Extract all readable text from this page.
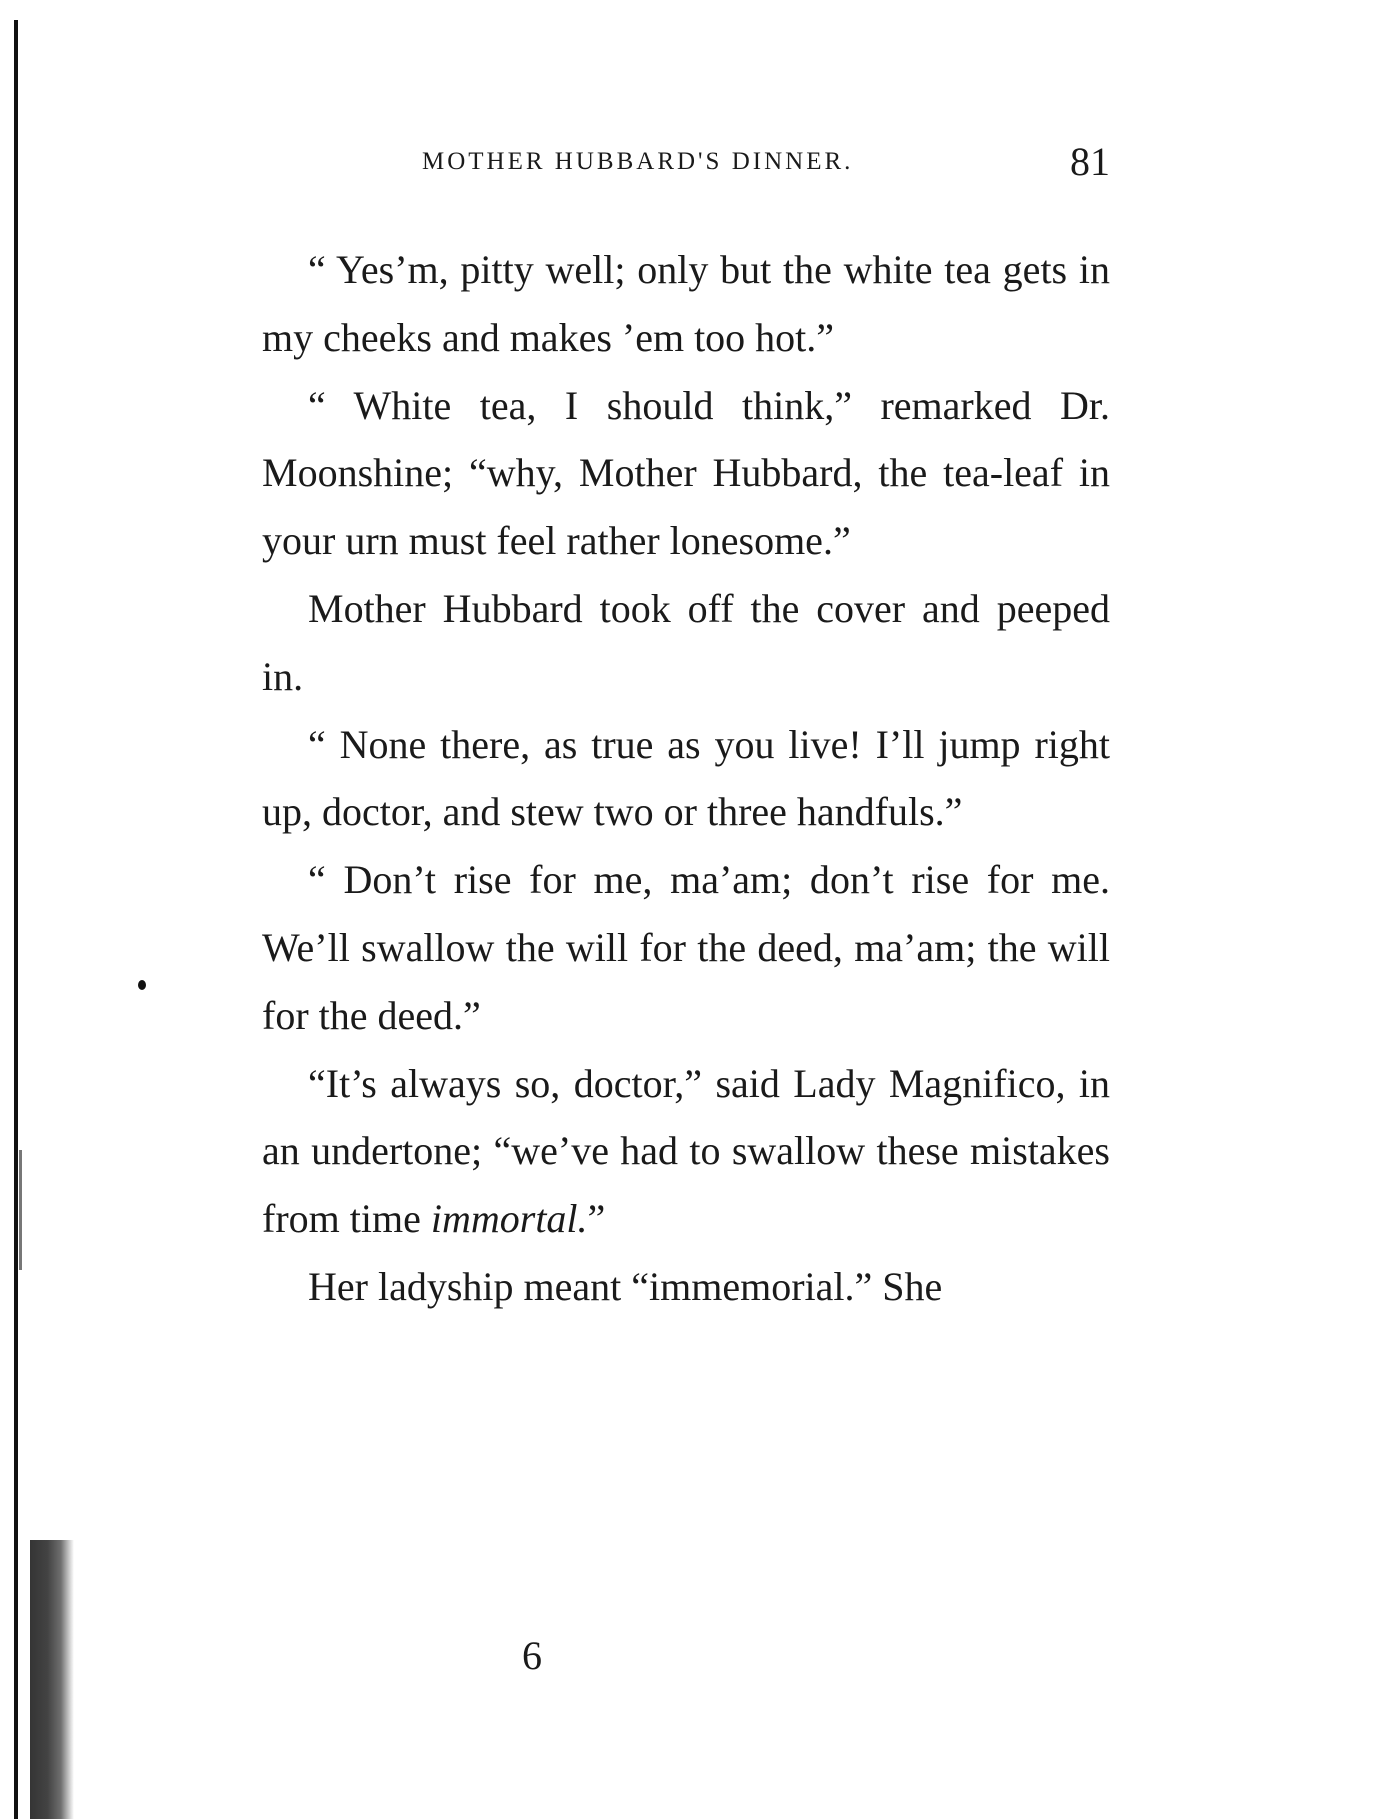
MOTHER HUBBARD'S DINNER.	81

“ Yes’m, pitty well; only but the white tea gets in my cheeks and makes ’em too hot.”

“ White tea, I should think,” remarked Dr. Moonshine; “why, Mother Hubbard, the tea-leaf in your urn must feel rather lonesome.”

Mother Hubbard took off the cover and peeped in.

“ None there, as true as you live! I’ll jump right up, doctor, and stew two or three handfuls.”

“ Don’t rise for me, ma’am; don’t rise for me. We’ll swallow the will for the deed, ma’am; the will for the deed.”

“It’s always so, doctor,” said Lady Magnifico, in an undertone; “we’ve had to swallow these mistakes from time immortal.”

Her ladyship meant “immemorial.” She

6
